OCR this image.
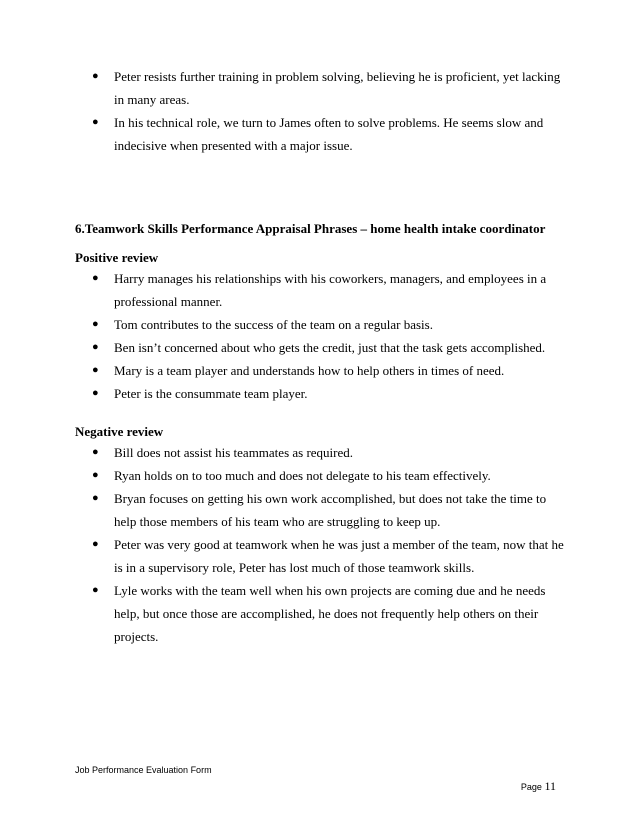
● Peter resists further training in problem solving, believing he is proficient, yet lacking in many areas.
● In his technical role, we turn to James often to solve problems. He seems slow and indecisive when presented with a major issue.
6.Teamwork Skills Performance Appraisal Phrases – home health intake coordinator
Positive review
● Harry manages his relationships with his coworkers, managers, and employees in a professional manner.
● Tom contributes to the success of the team on a regular basis.
● Ben isn’t concerned about who gets the credit, just that the task gets accomplished.
● Mary is a team player and understands how to help others in times of need.
● Peter is the consummate team player.
Negative review
● Bill does not assist his teammates as required.
● Ryan holds on to too much and does not delegate to his team effectively.
● Bryan focuses on getting his own work accomplished, but does not take the time to help those members of his team who are struggling to keep up.
● Peter was very good at teamwork when he was just a member of the team, now that he is in a supervisory role, Peter has lost much of those teamwork skills.
● Lyle works with the team well when his own projects are coming due and he needs help, but once those are accomplished, he does not frequently help others on their projects.
Job Performance Evaluation Form
Page 11
